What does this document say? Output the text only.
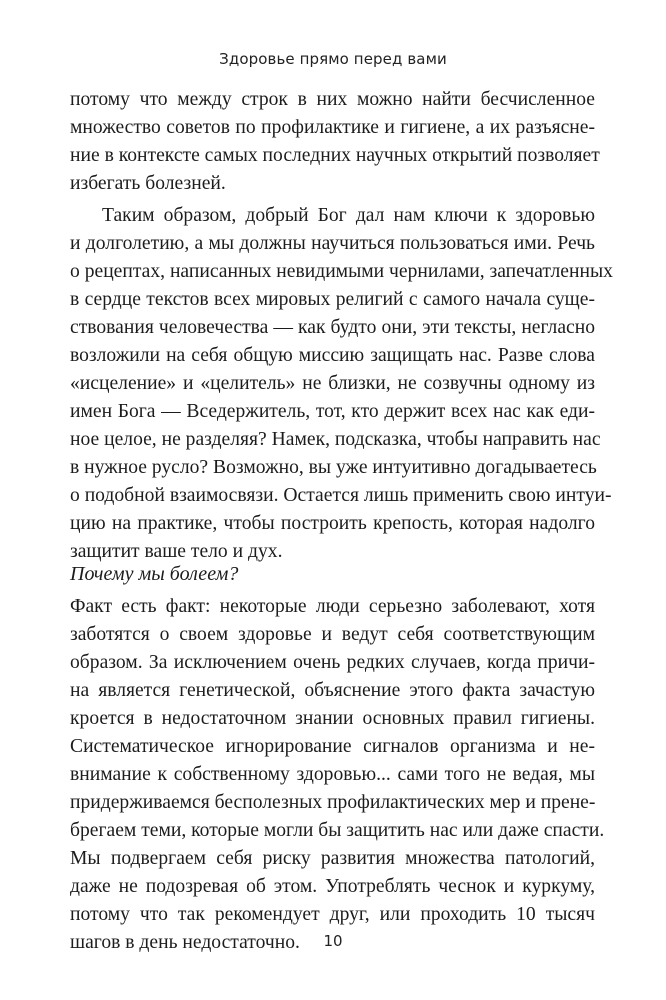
Здоровье прямо перед вами
потому что между строк в них можно найти бесчисленное
множество советов по профилактике и гигиене, а их разъясне-
ние в контексте самых последних научных открытий позволяет
избегать болезней.
Таким образом, добрый Бог дал нам ключи к здоровью
и долголетию, а мы должны научиться пользоваться ими. Речь
о рецептах, написанных невидимыми чернилами, запечатленных
в сердце текстов всех мировых религий с самого начала суще-
ствования человечества — как будто они, эти тексты, негласно
возложили на себя общую миссию защищать нас. Разве слова
«исцеление» и «целитель» не близки, не созвучны одному из
имен Бога — Вседержитель, тот, кто держит всех нас как еди-
ное целое, не разделяя? Намек, подсказка, чтобы направить нас
в нужное русло? Возможно, вы уже интуитивно догадываетесь
о подобной взаимосвязи. Остается лишь применить свою интуи-
цию на практике, чтобы построить крепость, которая надолго
защитит ваше тело и дух.
Почему мы болеем?
Факт есть факт: некоторые люди серьезно заболевают, хотя
заботятся о своем здоровье и ведут себя соответствующим
образом. За исключением очень редких случаев, когда причи-
на является генетической, объяснение этого факта зачастую
кроется в недостаточном знании основных правил гигиены.
Систематическое игнорирование сигналов организма и не-
внимание к собственному здоровью... сами того не ведая, мы
придерживаемся бесполезных профилактических мер и прене-
брегаем теми, которые могли бы защитить нас или даже спасти.
Мы подвергаем себя риску развития множества патологий,
даже не подозревая об этом. Употреблять чеснок и куркуму,
потому что так рекомендует друг, или проходить 10 тысяч
шагов в день недостаточно.	10
